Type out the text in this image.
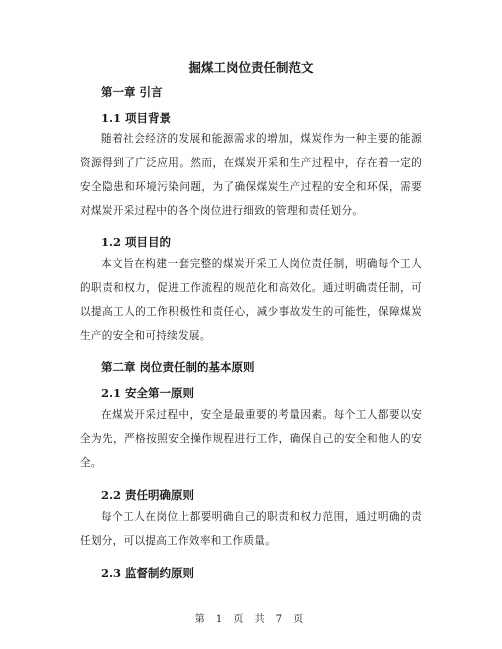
掘煤工岗位责任制范文
第一章 引言
1.1 项目背景
随着社会经济的发展和能源需求的增加，煤炭作为一种主要的能源资源得到了广泛应用。然而，在煤炭开采和生产过程中，存在着一定的安全隐患和环境污染问题，为了确保煤炭生产过程的安全和环保，需要对煤炭开采过程中的各个岗位进行细致的管理和责任划分。
1.2 项目目的
本文旨在构建一套完整的煤炭开采工人岗位责任制，明确每个工人的职责和权力，促进工作流程的规范化和高效化。通过明确责任制，可以提高工人的工作积极性和责任心，减少事故发生的可能性，保障煤炭生产的安全和可持续发展。
第二章 岗位责任制的基本原则
2.1 安全第一原则
在煤炭开采过程中，安全是最重要的考量因素。每个工人都要以安全为先，严格按照安全操作规程进行工作，确保自己的安全和他人的安全。
2.2 责任明确原则
每个工人在岗位上都要明确自己的职责和权力范围，通过明确的责任划分，可以提高工作效率和工作质量。
2.3 监督制约原则
第 1 页 共 7 页
